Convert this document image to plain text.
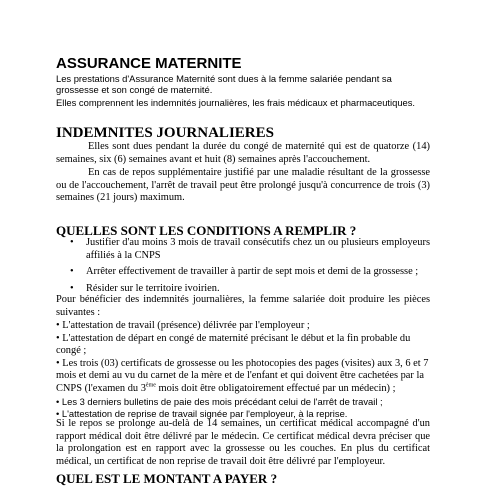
ASSURANCE MATERNITE

Les prestations d'Assurance Maternité sont dues à la femme salariée pendant sa grossesse et son congé de maternité.

Elles comprennent les indemnités journalières, les frais médicaux et pharmaceutiques.

INDEMNITES JOURNALIERES

Elles sont dues pendant la durée du congé de maternité qui est de quatorze (14) semaines, six (6) semaines avant et huit (8) semaines après l'accouchement.

En cas de repos supplémentaire justifié par une maladie résultant de la grossesse ou de l'accouchement, l'arrêt de travail peut être prolongé jusqu'à concurrence de trois (3) semaines (21 jours) maximum.

QUELLES SONT LES CONDITIONS A REMPLIR ?
• Justifier d'au moins 3 mois de travail consécutifs chez un ou plusieurs employeurs affiliés à la CNPS
• Arrêter effectivement de travailler à partir de sept mois et demi de la grossesse ;
• Résider sur le territoire ivoirien.

Pour bénéficier des indemnités journalières, la femme salariée doit produire les pièces suivantes :

• L'attestation de travail (présence) délivrée par l'employeur ;
• L'attestation de départ en congé de maternité précisant le début et la fin probable du congé ;
• Les trois (03) certificats de grossesse ou les photocopies des pages (visites) aux 3, 6 et 7 mois et demi au vu du carnet de la mère et de l'enfant et qui doivent être cachetées par la CNPS (l'examen du 3ème mois doit être obligatoirement effectué par un médecin) ;
• Les 3 derniers bulletins de paie des mois précédant celui de l'arrêt de travail ;
• L'attestation de reprise de travail signée par l'employeur, à la reprise.

Si le repos se prolonge au-delà de 14 semaines, un certificat médical accompagné d'un rapport médical doit être délivré par le médecin. Ce certificat médical devra préciser que la prolongation est en rapport avec la grossesse ou les couches. En plus du certificat médical, un certificat de non reprise de travail doit être délivré par l'employeur.

QUEL EST LE MONTANT A PAYER ?
